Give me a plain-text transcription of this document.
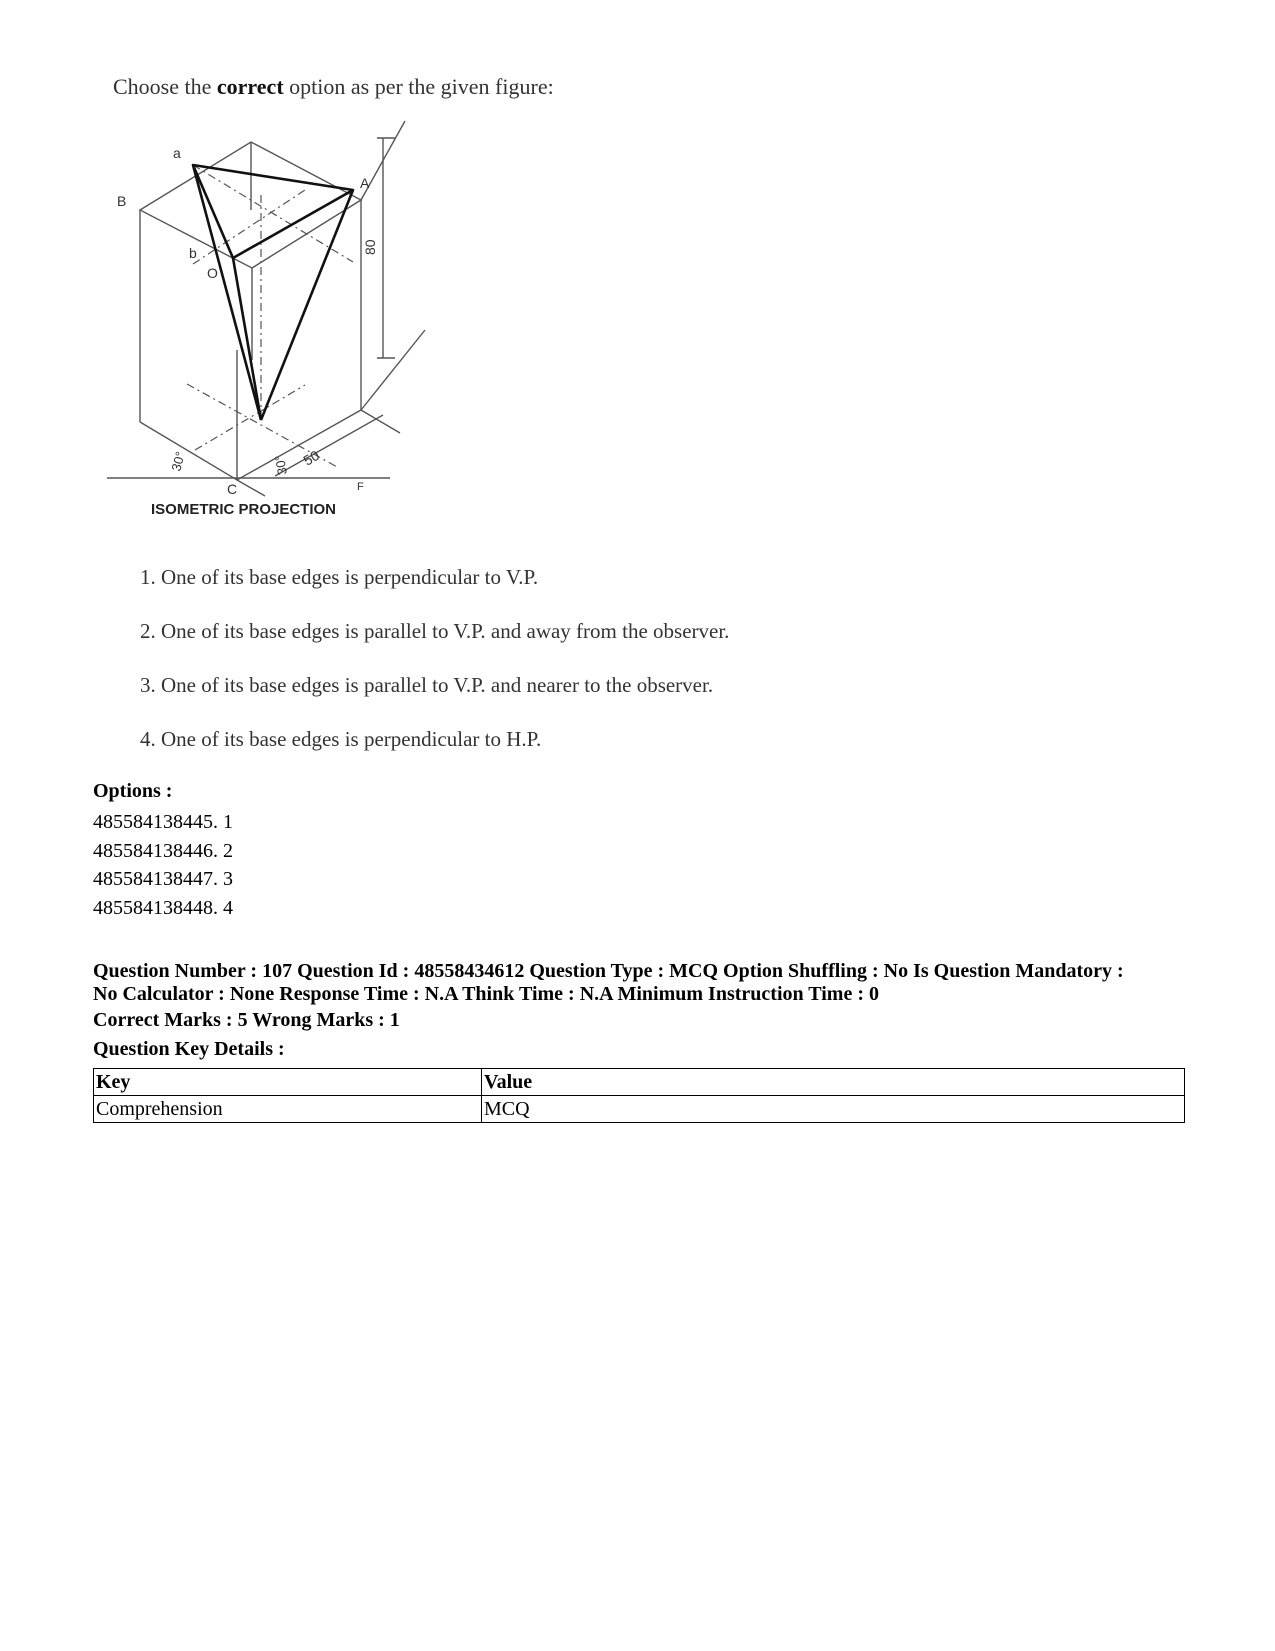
Choose the correct option as per the given figure:
a
b
O
B
A
C	F
80
50
30°	30°
ISOMETRIC PROJECTION
1. One of its base edges is perpendicular to V.P.
2. One of its base edges is parallel to V.P. and away from the observer.
3. One of its base edges is parallel to V.P. and nearer to the observer.
4. One of its base edges is perpendicular to H.P.
Options :
485584138445. 1
485584138446. 2
485584138447. 3
485584138448. 4
Question Number : 107 Question Id : 48558434612 Question Type : MCQ Option Shuffling : No Is Question Mandatory :
No Calculator : None Response Time : N.A Think Time : N.A Minimum Instruction Time : 0
Correct Marks : 5 Wrong Marks : 1
Question Key Details :
Key	Value
Comprehension	MCQ
